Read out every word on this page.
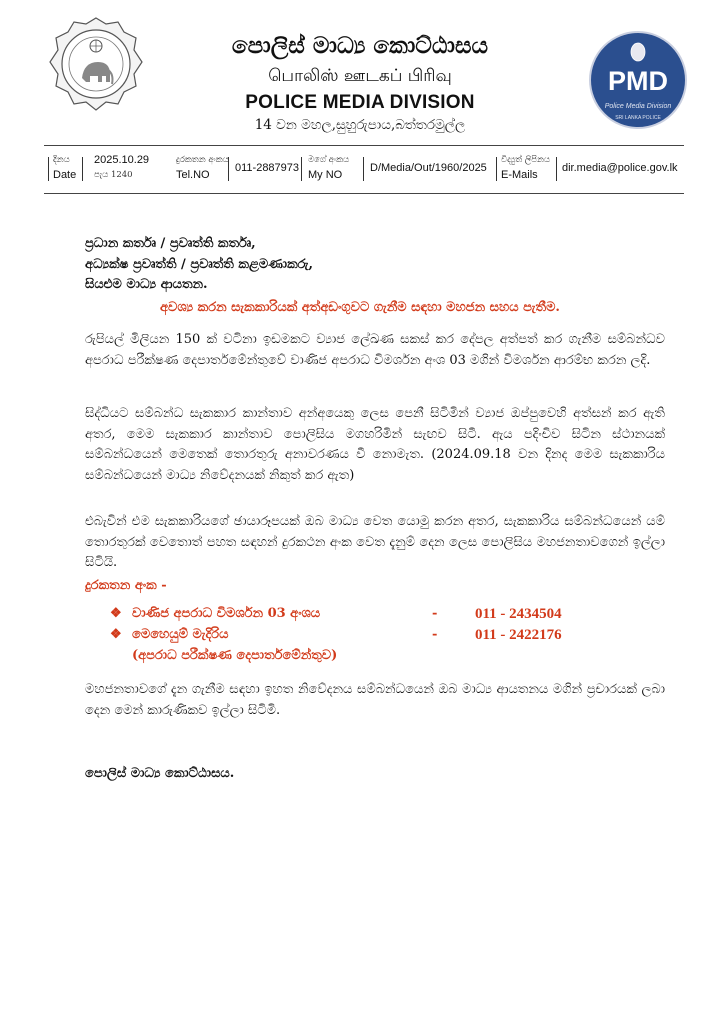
පොලිස් මාධ්‍ය කොට්ඨාසය
பொலிஸ் ஊடகப் பிரிவு
POLICE MEDIA DIVISION
14 වන මහල,සුහුරුපාය,බත්තරමුල්ල
PMD
Police Media Division
SRI LANKA POLICE
දිනය
Date
2025.10.29
පැය 1240
දුරකතන අංකය
Tel.NO
011-2887973
මගේ අංකය
My NO
D/Media/Out/1960/2025
විද්‍යුත් ලිපිනය
E-Mails
dir.media@police.gov.lk
ප්‍රධාන කර්තෘ / ප්‍රවෘත්ති කර්තෘ,
අධ්‍යක්ෂ ප්‍රවෘත්ති / ප්‍රවෘත්ති කළමණාකරු,
සියළුම මාධ්‍ය ආයතන.
අවශ්‍ය කරන සැකකාරියක් අත්අඩංගුවට ගැනීම සඳහා මහජන සහය පැතීම.
රුපියල් මිලියන 150 ක් වටිනා ඉඩමකට ව්‍යාජ ලේඛණ සකස් කර දේපල අත්පත් කර ගැනීම සම්බන්ධව අපරාධ පරීක්ෂණ දෙපාර්තමේන්තුවේ වාණිජ අපරාධ විමර්ශන අංශ 03 මගින් විමර්ශන ආරම්භ කරන ලදි.
සිද්ධියට සම්බන්ධ සැකකාර කාන්තාව අන්අයෙකු ලෙස පෙනී සිටිමින් ව්‍යාජ ඔප්පුවෙහි අත්සන් කර ඇති අතර, මෙම සැකකාර කාන්තාව පොලිසිය මගහරිමින් සැඟව සිටී. ඇය පදිංචිව සිටින ස්ථානයක් සම්බන්ධයෙන් මෙතෙක් තොරතුරු අනාවරණය වී නොමැත. (2024.09.18 වන දිනද මෙම සැකකාරිය සම්බන්ධයෙන් මාධ්‍ය නිවේදනයක් නිකුත් කර ඇත)
එබැවින් එම සැකකාරියගේ ඡායාරූපයක් ඔබ මාධ්‍ය වෙත යොමු කරන අතර, සැකකාරිය සම්බන්ධයෙන් යම් තොරතුරක් වෙතොත් පහත සඳහන් දුරකථන අංක වෙත දැනුම් දෙන ලෙස පොලිසිය මහජනතාවගෙන් ඉල්ලා සිටියි.
දුරකතන අංක -
❖ වාණිජ අපරාධ විමර්ශන 03 අංශය	-	011 - 2434504
❖ මෙහෙයුම් මැදිරිය	-	011 - 2422176
(අපරාධ පරීක්ෂණ දෙපාර්තමේන්තුව)
මහජනතාවගේ දැන ගැනීම සඳහා ඉහත නිවේදනය සම්බන්ධයෙන් ඔබ මාධ්‍ය ආයතනය මගින් ප්‍රචාරයක් ලබා දෙන මෙන් කාරුණිකව ඉල්ලා සිටිමි.
පොලිස් මාධ්‍ය කොට්ඨාසය.
